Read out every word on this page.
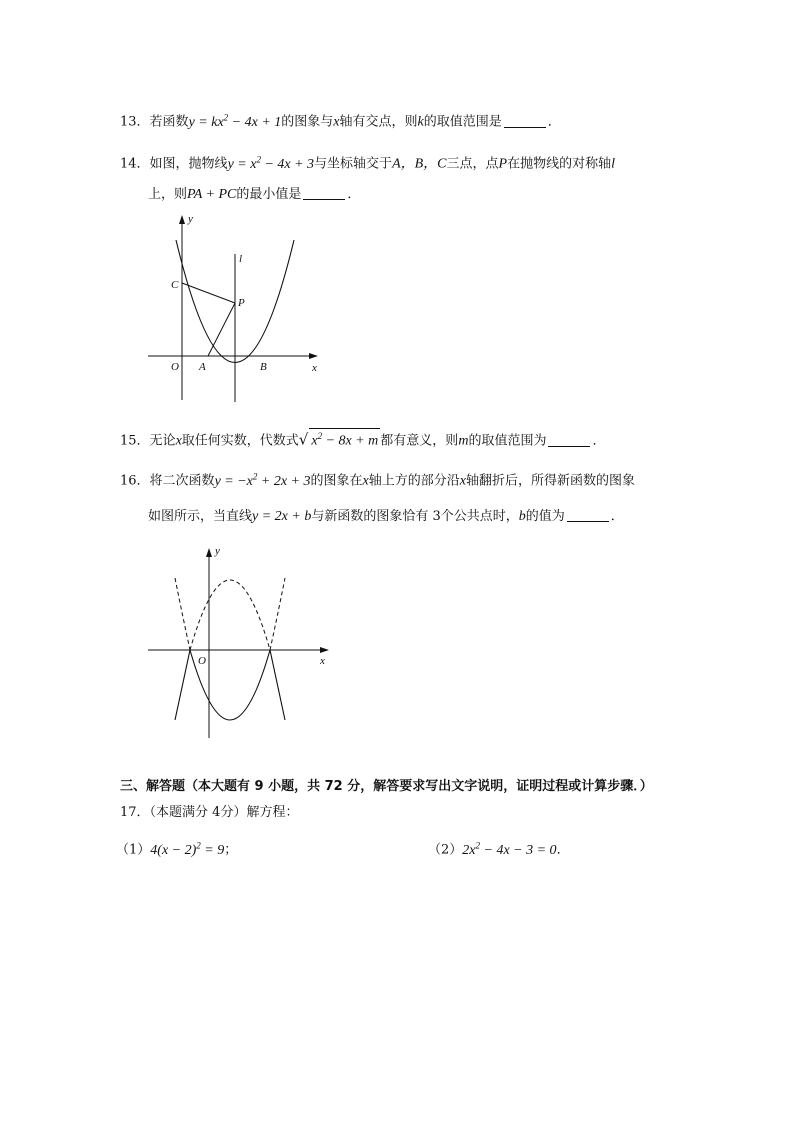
13．若函数$y = kx^2 - 4x + 1$的图象与x轴有交点，则k的取值范围是	．
14．如图，抛物线$y = x^2 - 4x + 3$与坐标轴交于A，B，C三点，点P在抛物线的对称轴l
上，则PA + PC的最小值是	．
y
x
l
C
P
O A	B
15．无论x取任何实数，代数式√ $x^2 - 8x + m$ 都有意义，则m的取值范围为	．
16．将二次函数$y = -x^2 + 2x + 3$的图象在x轴上方的部分沿x轴翻折后，所得新函数的图象
如图所示，当直线y = 2x + b与新函数的图象恰有 3个公共点时，b的值为	．
y
x
O
三、解答题（本大题有 9 小题，共 72 分，解答要求写出文字说明，证明过程或计算步骤．）
17．（本题满分 4分）解方程：
$(1)4(x - 2)^2 = 9$；	$(2)2x^2 - 4x - 3 = 0$．
